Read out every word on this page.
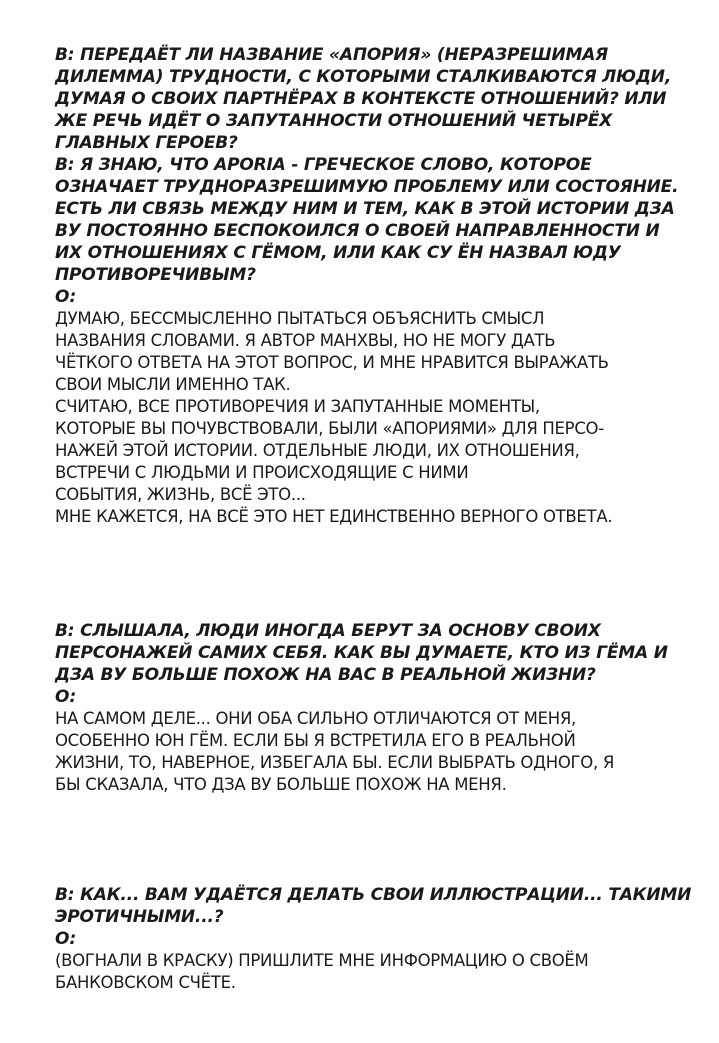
В: ПЕРЕДАЁТ ЛИ НАЗВАНИЕ «АПОРИЯ» (НЕРАЗРЕШИМАЯ
ДИЛЕММА) ТРУДНОСТИ, С КОТОРЫМИ СТАЛКИВАЮТСЯ ЛЮДИ,
ДУМАЯ О СВОИХ ПАРТНЁРАХ В КОНТЕКСТЕ ОТНОШЕНИЙ? ИЛИ
ЖЕ РЕЧЬ ИДЁТ О ЗАПУТАННОСТИ ОТНОШЕНИЙ ЧЕТЫРЁХ
ГЛАВНЫХ ГЕРОЕВ?

В: Я ЗНАЮ, ЧТО APORIA - ГРЕЧЕСКОЕ СЛОВО, КОТОРОЕ
ОЗНАЧАЕТ ТРУДНОРАЗРЕШИМУЮ ПРОБЛЕМУ ИЛИ СОСТОЯНИЕ.
ЕСТЬ ЛИ СВЯЗЬ МЕЖДУ НИМ И ТЕМ, КАК В ЭТОЙ ИСТОРИИ ДЗА
ВУ ПОСТОЯННО БЕСПОКОИЛСЯ О СВОЕЙ НАПРАВЛЕННОСТИ И
ИХ ОТНОШЕНИЯХ С ГЁМОМ, ИЛИ КАК СУ ЁН НАЗВАЛ ЮДУ
ПРОТИВОРЕЧИВЫМ?

О:

ДУМАЮ, БЕССМЫСЛЕННО ПЫТАТЬСЯ ОБЪЯСНИТЬ СМЫСЛ
НАЗВАНИЯ СЛОВАМИ. Я АВТОР МАНХВЫ, НО НЕ МОГУ ДАТЬ
ЧЁТКОГО ОТВЕТА НА ЭТОТ ВОПРОС, И МНЕ НРАВИТСЯ ВЫРАЖАТЬ
СВОИ МЫСЛИ ИМЕННО ТАК.
СЧИТАЮ, ВСЕ ПРОТИВОРЕЧИЯ И ЗАПУТАННЫЕ МОМЕНТЫ,
КОТОРЫЕ ВЫ ПОЧУВСТВОВАЛИ, БЫЛИ «АПОРИЯМИ» ДЛЯ ПЕРСО-
НАЖЕЙ ЭТОЙ ИСТОРИИ. ОТДЕЛЬНЫЕ ЛЮДИ, ИХ ОТНОШЕНИЯ,
ВСТРЕЧИ С ЛЮДЬМИ И ПРОИСХОДЯЩИЕ С НИМИ
СОБЫТИЯ, ЖИЗНЬ, ВСЁ ЭТО...
МНЕ КАЖЕТСЯ, НА ВСЁ ЭТО НЕТ ЕДИНСТВЕННО ВЕРНОГО ОТВЕТА.

В: СЛЫШАЛА, ЛЮДИ ИНОГДА БЕРУТ ЗА ОСНОВУ СВОИХ
ПЕРСОНАЖЕЙ САМИХ СЕБЯ. КАК ВЫ ДУМАЕТЕ, КТО ИЗ ГЁМА И
ДЗА ВУ БОЛЬШЕ ПОХОЖ НА ВАС В РЕАЛЬНОЙ ЖИЗНИ?

О:

НА САМОМ ДЕЛЕ... ОНИ ОБА СИЛЬНО ОТЛИЧАЮТСЯ ОТ МЕНЯ,
ОСОБЕННО ЮН ГЁМ. ЕСЛИ БЫ Я ВСТРЕТИЛА ЕГО В РЕАЛЬНОЙ
ЖИЗНИ, ТО, НАВЕРНОЕ, ИЗБЕГАЛА БЫ. ЕСЛИ ВЫБРАТЬ ОДНОГО, Я
БЫ СКАЗАЛА, ЧТО ДЗА ВУ БОЛЬШЕ ПОХОЖ НА МЕНЯ.

В: КАК... ВАМ УДАЁТСЯ ДЕЛАТЬ СВОИ ИЛЛЮСТРАЦИИ... ТАКИМИ
ЭРОТИЧНЫМИ...?

О:

(ВОГНАЛИ В КРАСКУ) ПРИШЛИТЕ МНЕ ИНФОРМАЦИЮ О СВОЁМ
БАНКОВСКОМ СЧЁТЕ.
